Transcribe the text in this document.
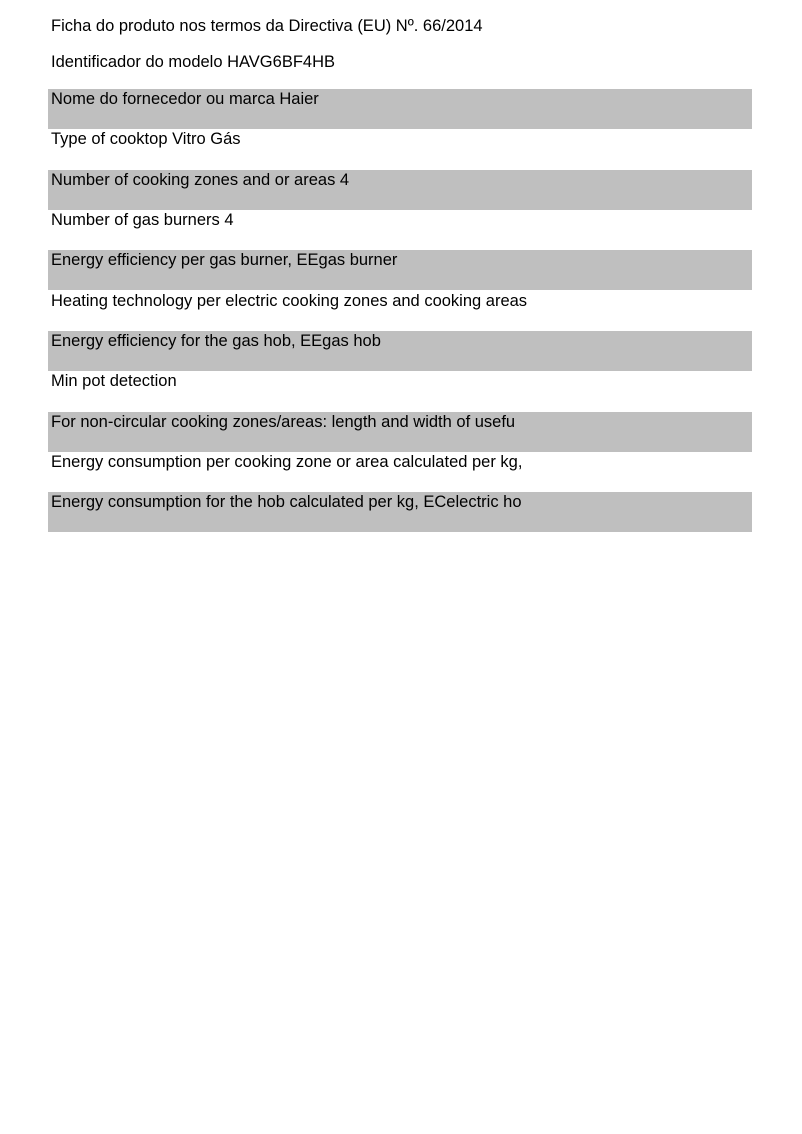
Ficha do produto nos termos da Directiva (EU) Nº. 66/2014
Identificador do modelo HAVG6BF4HB
Nome do fornecedor ou marca Haier
Type of cooktop Vitro Gás
Number of cooking zones and or areas 4
Number of gas burners 4
Energy efficiency per gas burner, EEgas burner
Heating technology per electric cooking zones and cooking areas
Energy efficiency for the gas hob, EEgas hob
Min pot detection
For non-circular cooking zones/areas: length and width of usefu
Energy consumption per cooking zone or area calculated per kg,
Energy consumption for the hob calculated per kg, ECelectric ho
